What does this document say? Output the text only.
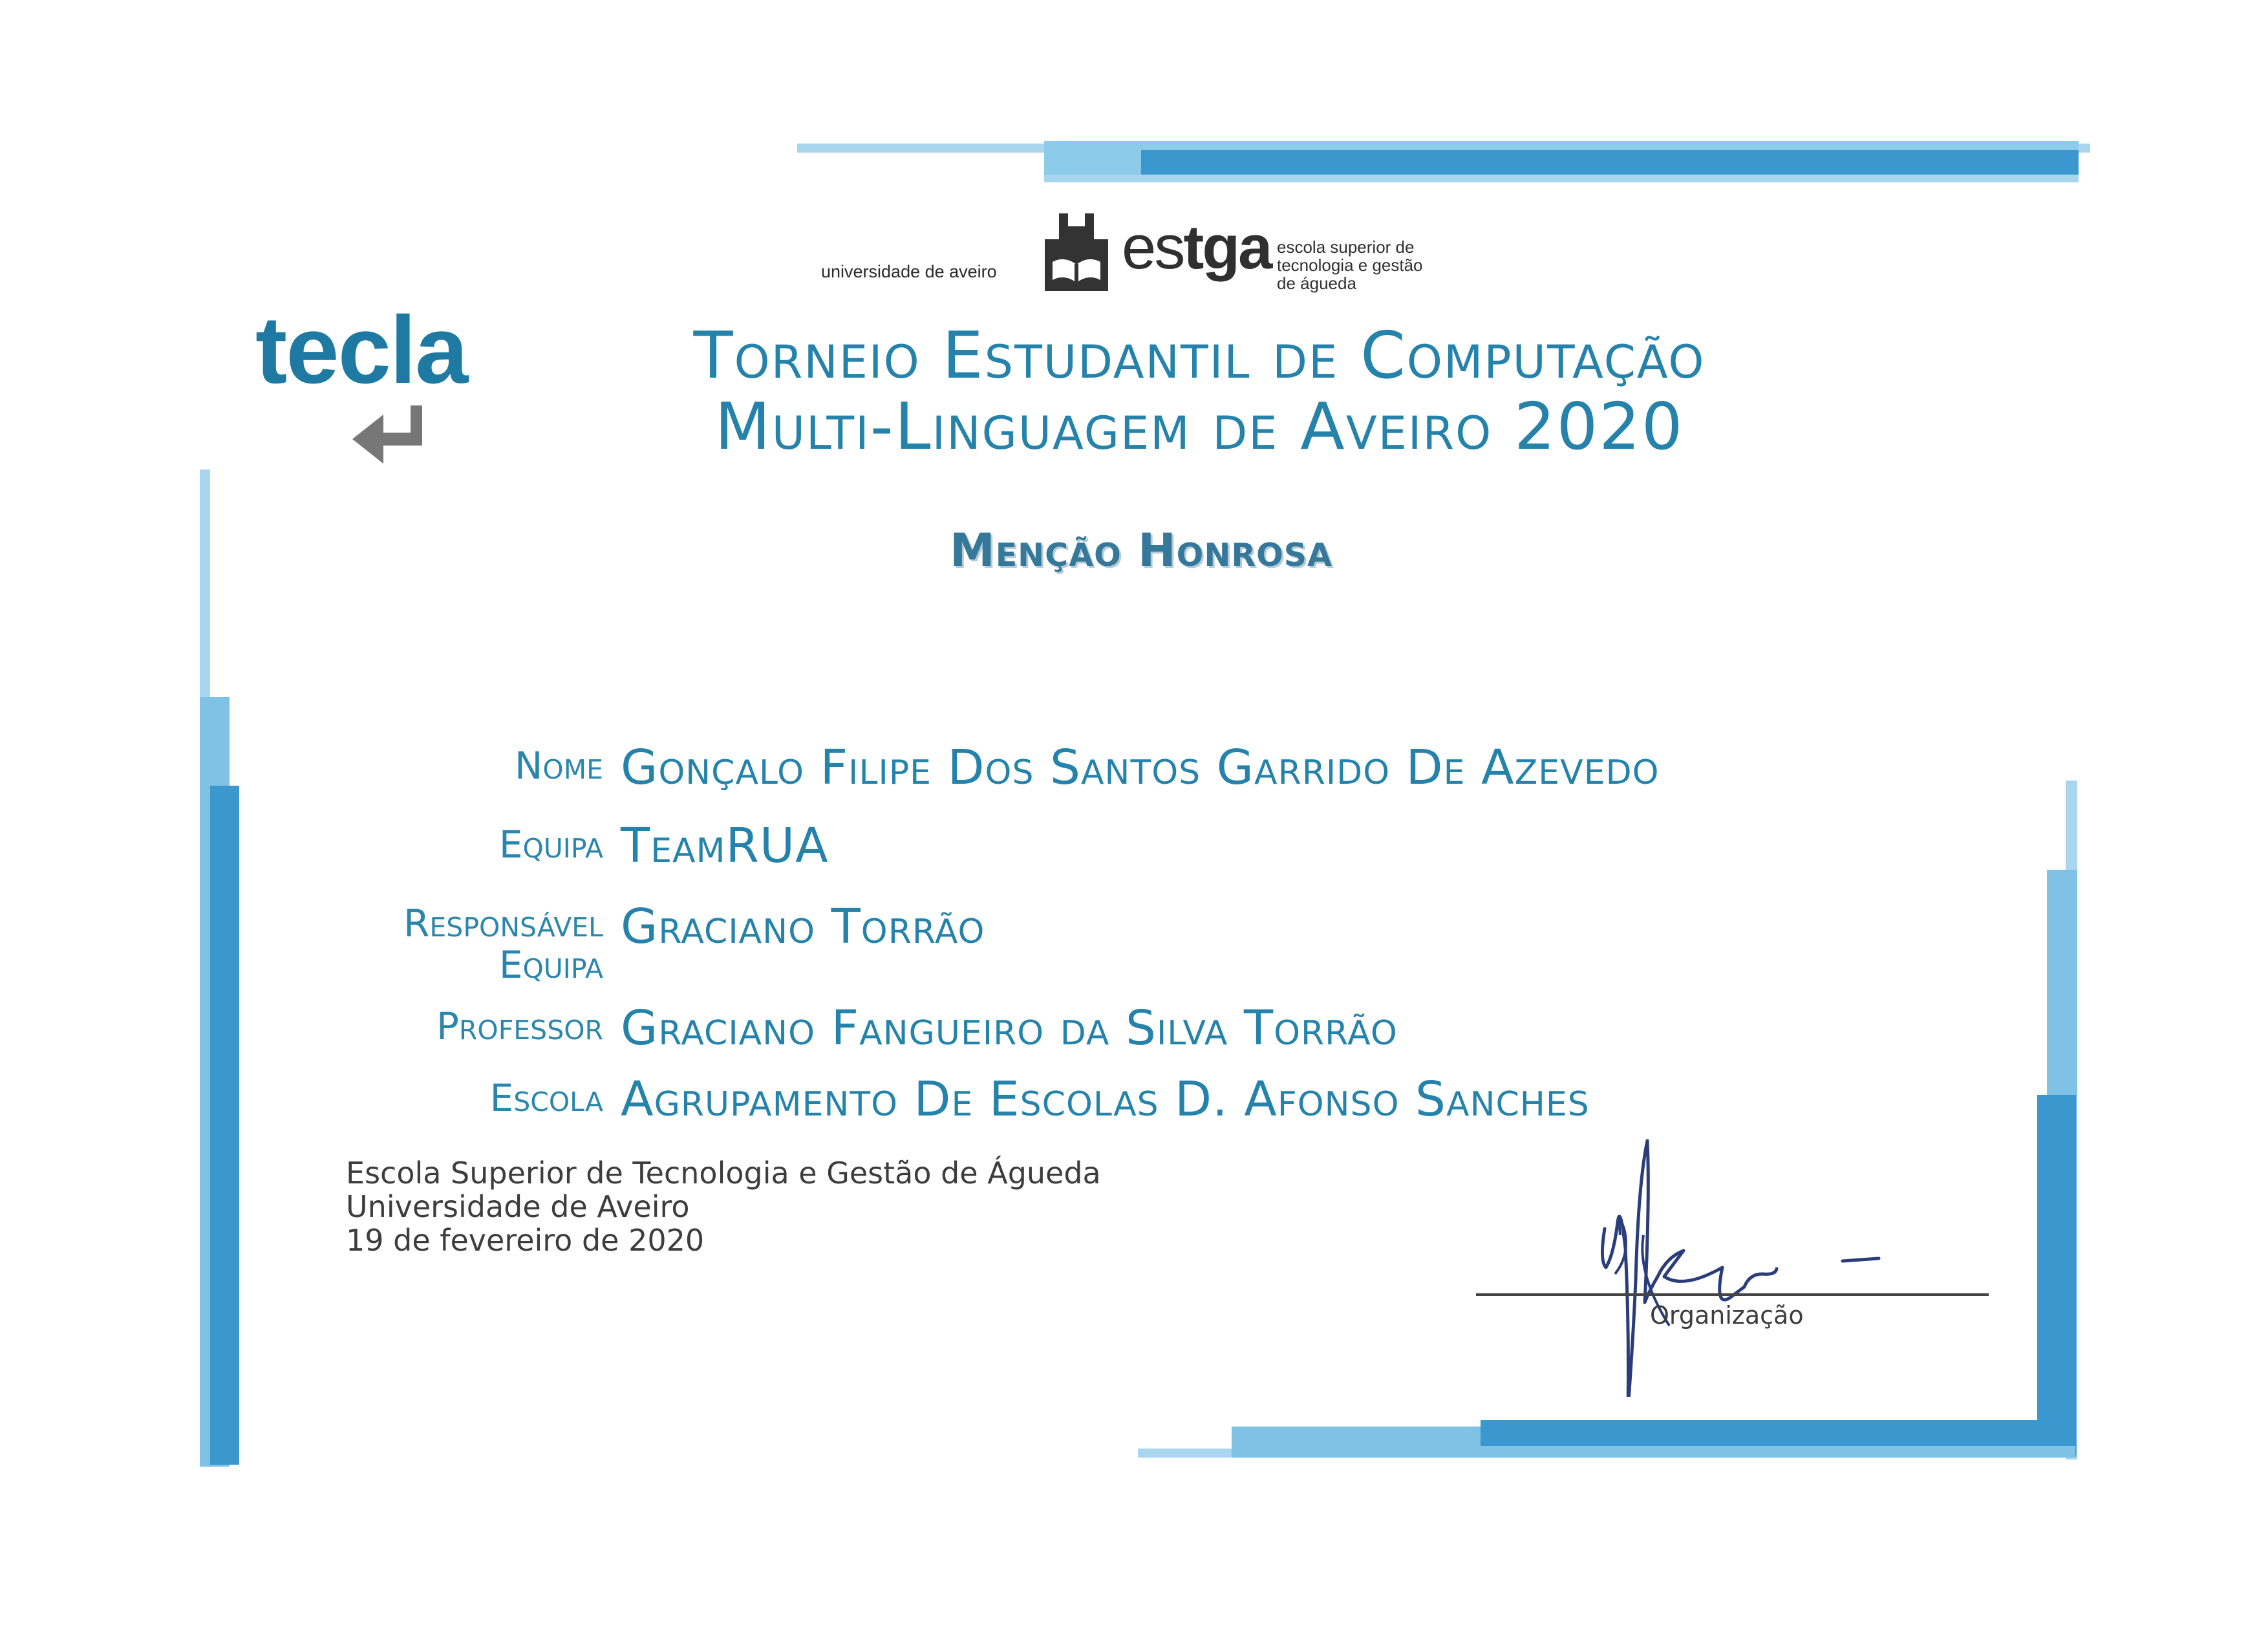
universidade de aveiro estga escola superior de
tecnologia e gestão
de águeda
tecla	Torneio Estudantil de Computação
Multi-Linguagem de Aveiro 2020
Menção Honrosa
Nome Gonçalo Filipe Dos Santos Garrido De Azevedo
Equipa TeamRUA
Responsável
Equipa
Graciano Torrão
Professor Graciano Fangueiro da Silva Torrão
Escola Agrupamento De Escolas D. Afonso Sanches
Escola Superior de Tecnologia e Gestão de Águeda
Universidade de Aveiro
19 de fevereiro de 2020
Organização
